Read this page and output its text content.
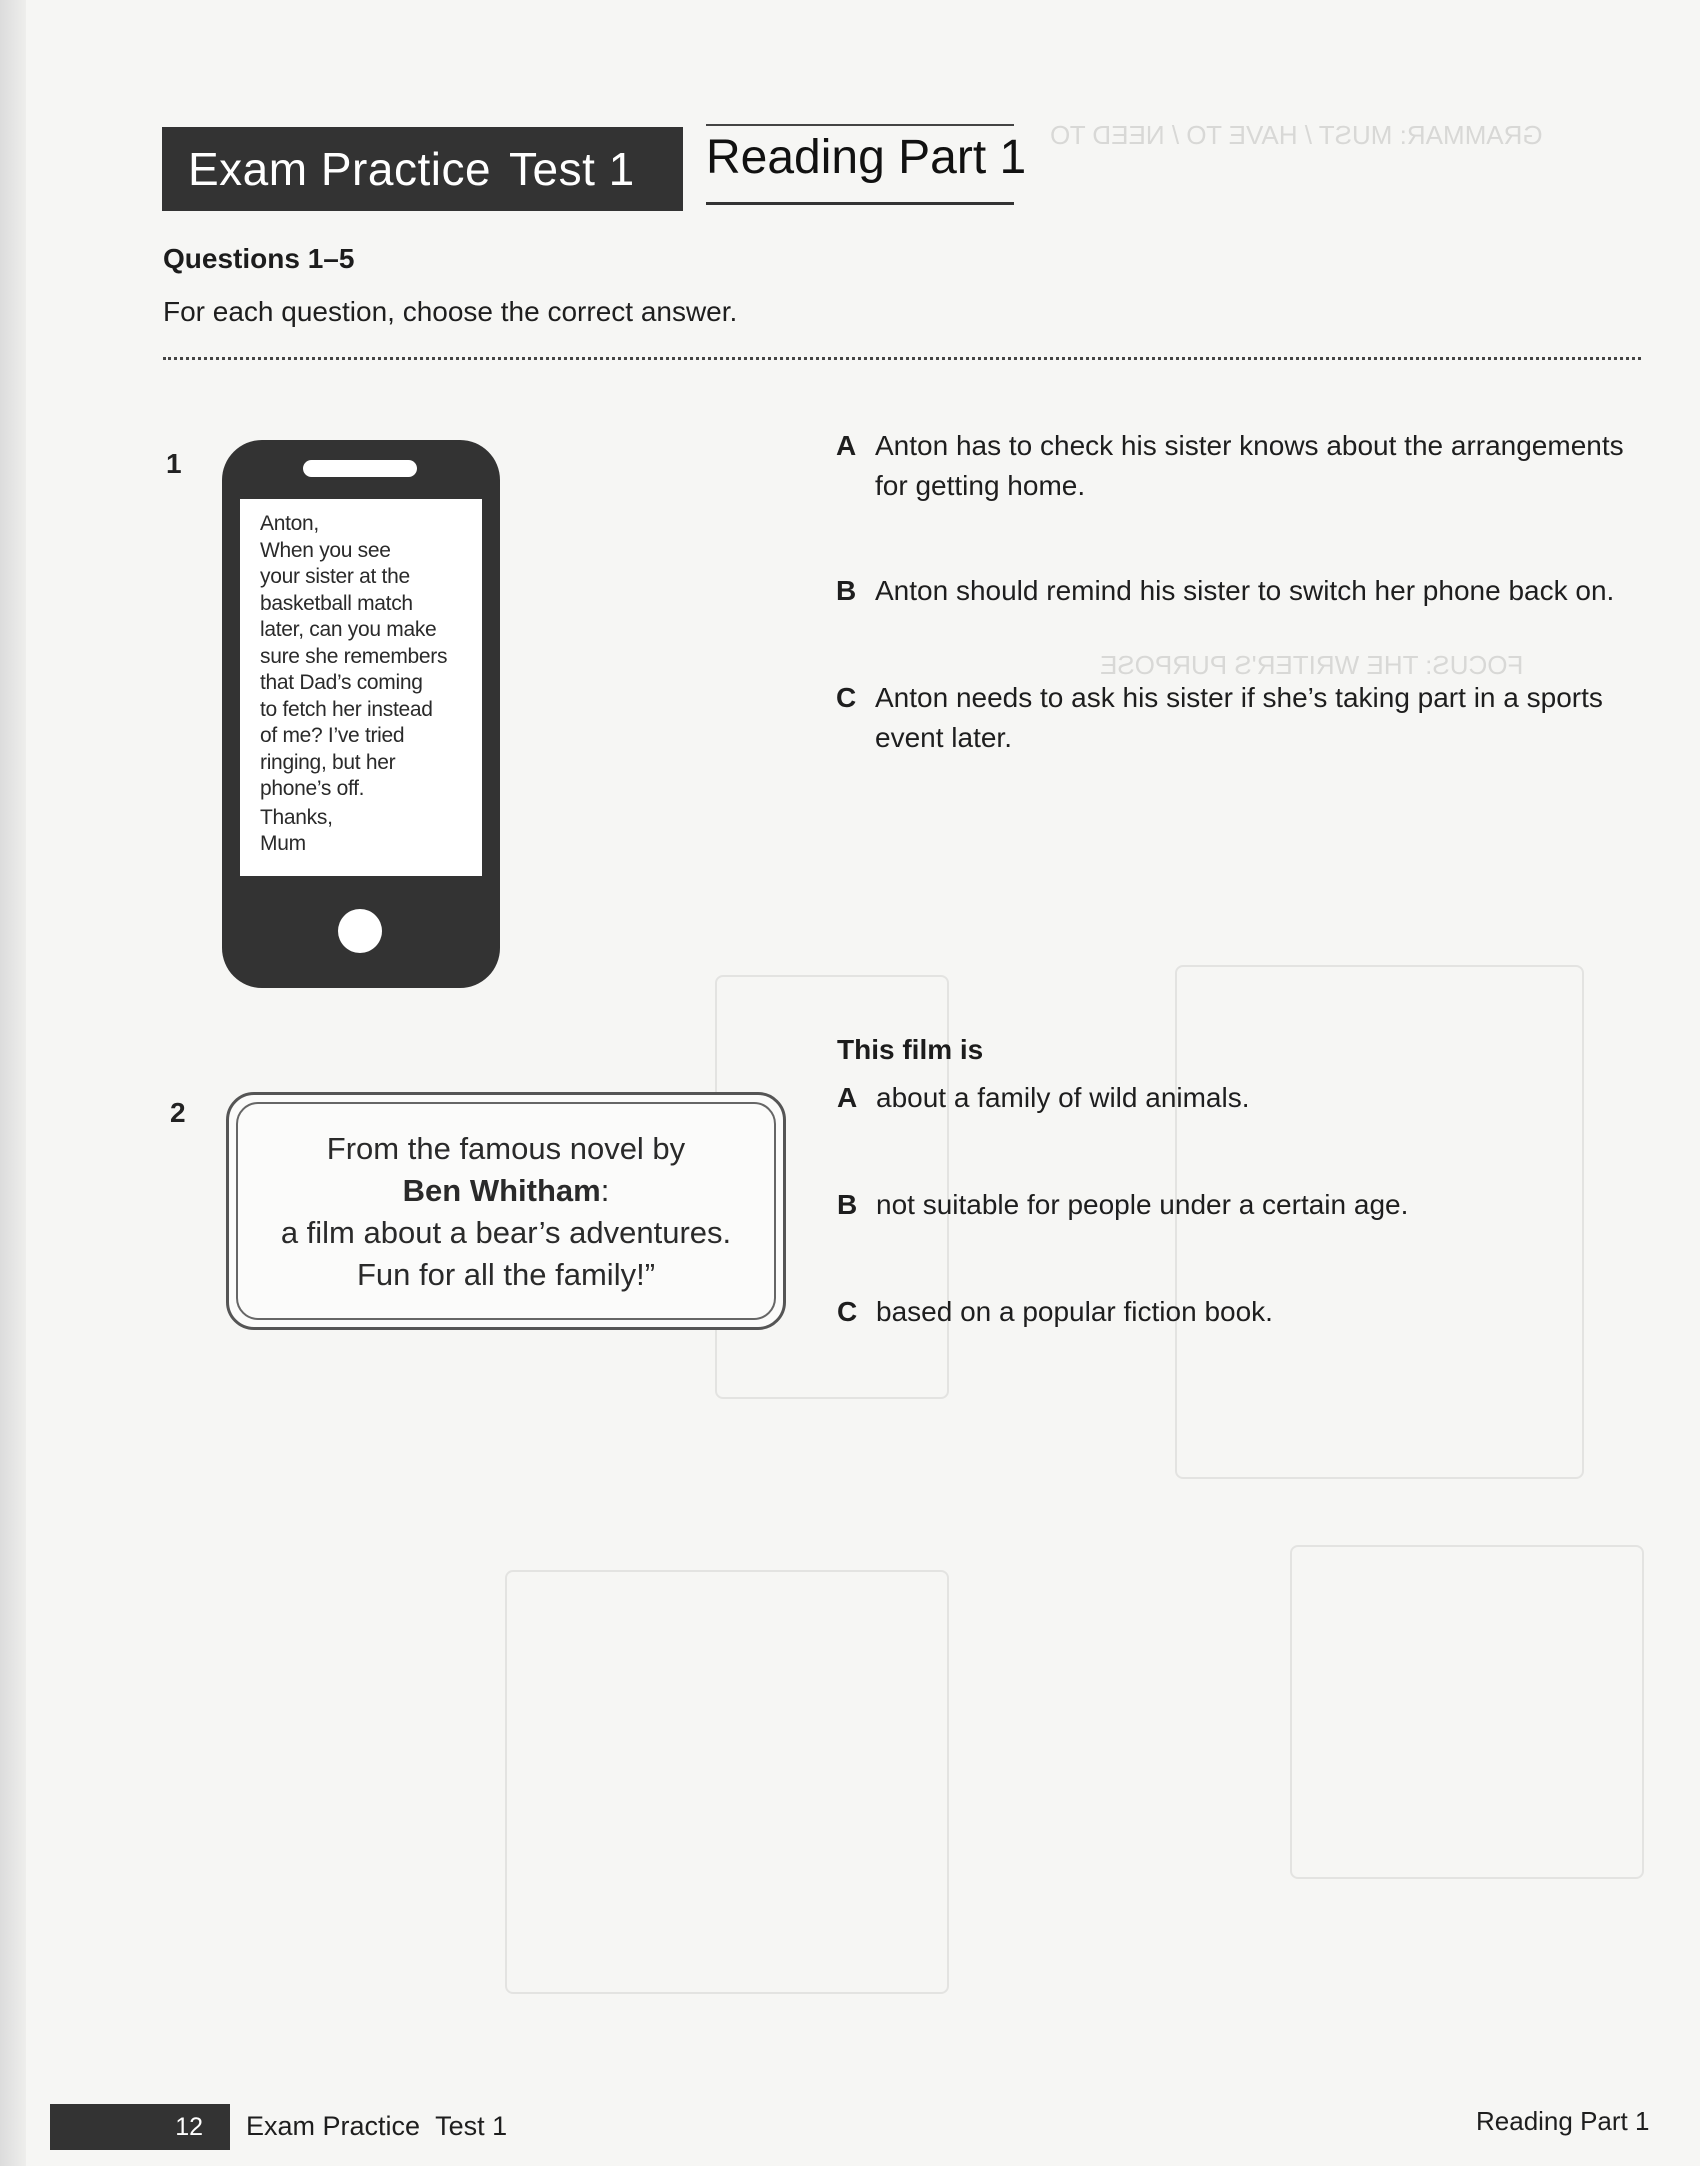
GRAMMAR: MUST / HAVE TO / NEED TO
FOCUS: THE WRITER'S PURPOSE
Exam Practice Test 1 Reading Part 1
Questions 1–5
For each question, choose the correct answer.
1

Anton,

When you see

your sister at the

basketball match

later, can you make

sure she remembers

that Dad’s coming

to fetch her instead

of me? I’ve tried

ringing, but her

phone’s off.

Thanks,

Mum

A Anton has to check his sister knows about the arrangements
for getting home.
B Anton should remind his sister to switch her phone back on.
C Anton needs to ask his sister if she’s taking part in a sports
event later.
2

From the famous novel by

Ben Whitham:

a film about a bear’s adventures.

Fun for all the family!”

This film is
A about a family of wild animals.
B not suitable for people under a certain age.
C based on a popular fiction book.
12 Exam Practice Test 1	Reading Part 1
